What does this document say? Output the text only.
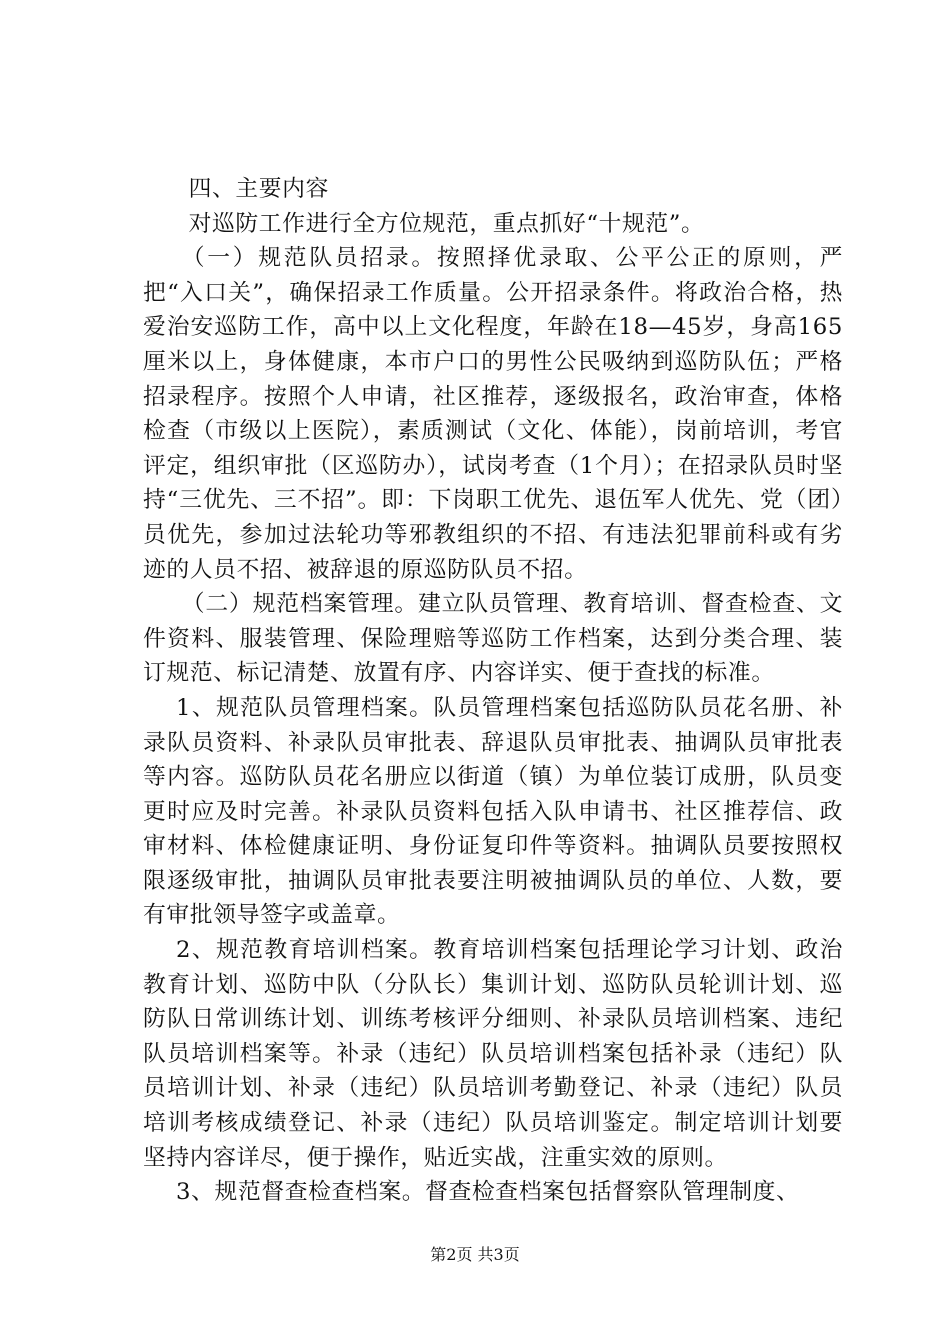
四、主要内容

对巡防工作进行全方位规范，重点抓好“十规范”。

（一）规范队员招录。按照择优录取、公平公正的原则，严把“入口关”，确保招录工作质量。公开招录条件。将政治合格，热爱治安巡防工作，高中以上文化程度，年龄在18—45岁，身高165厘米以上，身体健康，本市户口的男性公民吸纳到巡防队伍；严格招录程序。按照个人申请，社区推荐，逐级报名，政治审查，体格检查（市级以上医院），素质测试（文化、体能），岗前培训，考官评定，组织审批（区巡防办），试岗考查（1个月）；在招录队员时坚持“三优先、三不招”。即：下岗职工优先、退伍军人优先、党（团）员优先，参加过法轮功等邪教组织的不招、有违法犯罪前科或有劣迹的人员不招、被辞退的原巡防队员不招。

（二）规范档案管理。建立队员管理、教育培训、督查检查、文件资料、服装管理、保险理赔等巡防工作档案，达到分类合理、装订规范、标记清楚、放置有序、内容详实、便于查找的标准。

1、规范队员管理档案。队员管理档案包括巡防队员花名册、补录队员资料、补录队员审批表、辞退队员审批表、抽调队员审批表等内容。巡防队员花名册应以街道（镇）为单位装订成册，队员变更时应及时完善。补录队员资料包括入队申请书、社区推荐信、政审材料、体检健康证明、身份证复印件等资料。抽调队员要按照权限逐级审批，抽调队员审批表要注明被抽调队员的单位、人数，要有审批领导签字或盖章。

2、规范教育培训档案。教育培训档案包括理论学习计划、政治教育计划、巡防中队（分队长）集训计划、巡防队员轮训计划、巡防队日常训练计划、训练考核评分细则、补录队员培训档案、违纪队员培训档案等。补录（违纪）队员培训档案包括补录（违纪）队员培训计划、补录（违纪）队员培训考勤登记、补录（违纪）队员培训考核成绩登记、补录（违纪）队员培训鉴定。制定培训计划要坚持内容详尽，便于操作，贴近实战，注重实效的原则。

3、规范督查检查档案。督查检查档案包括督察队管理制度、

第2页 共3页
